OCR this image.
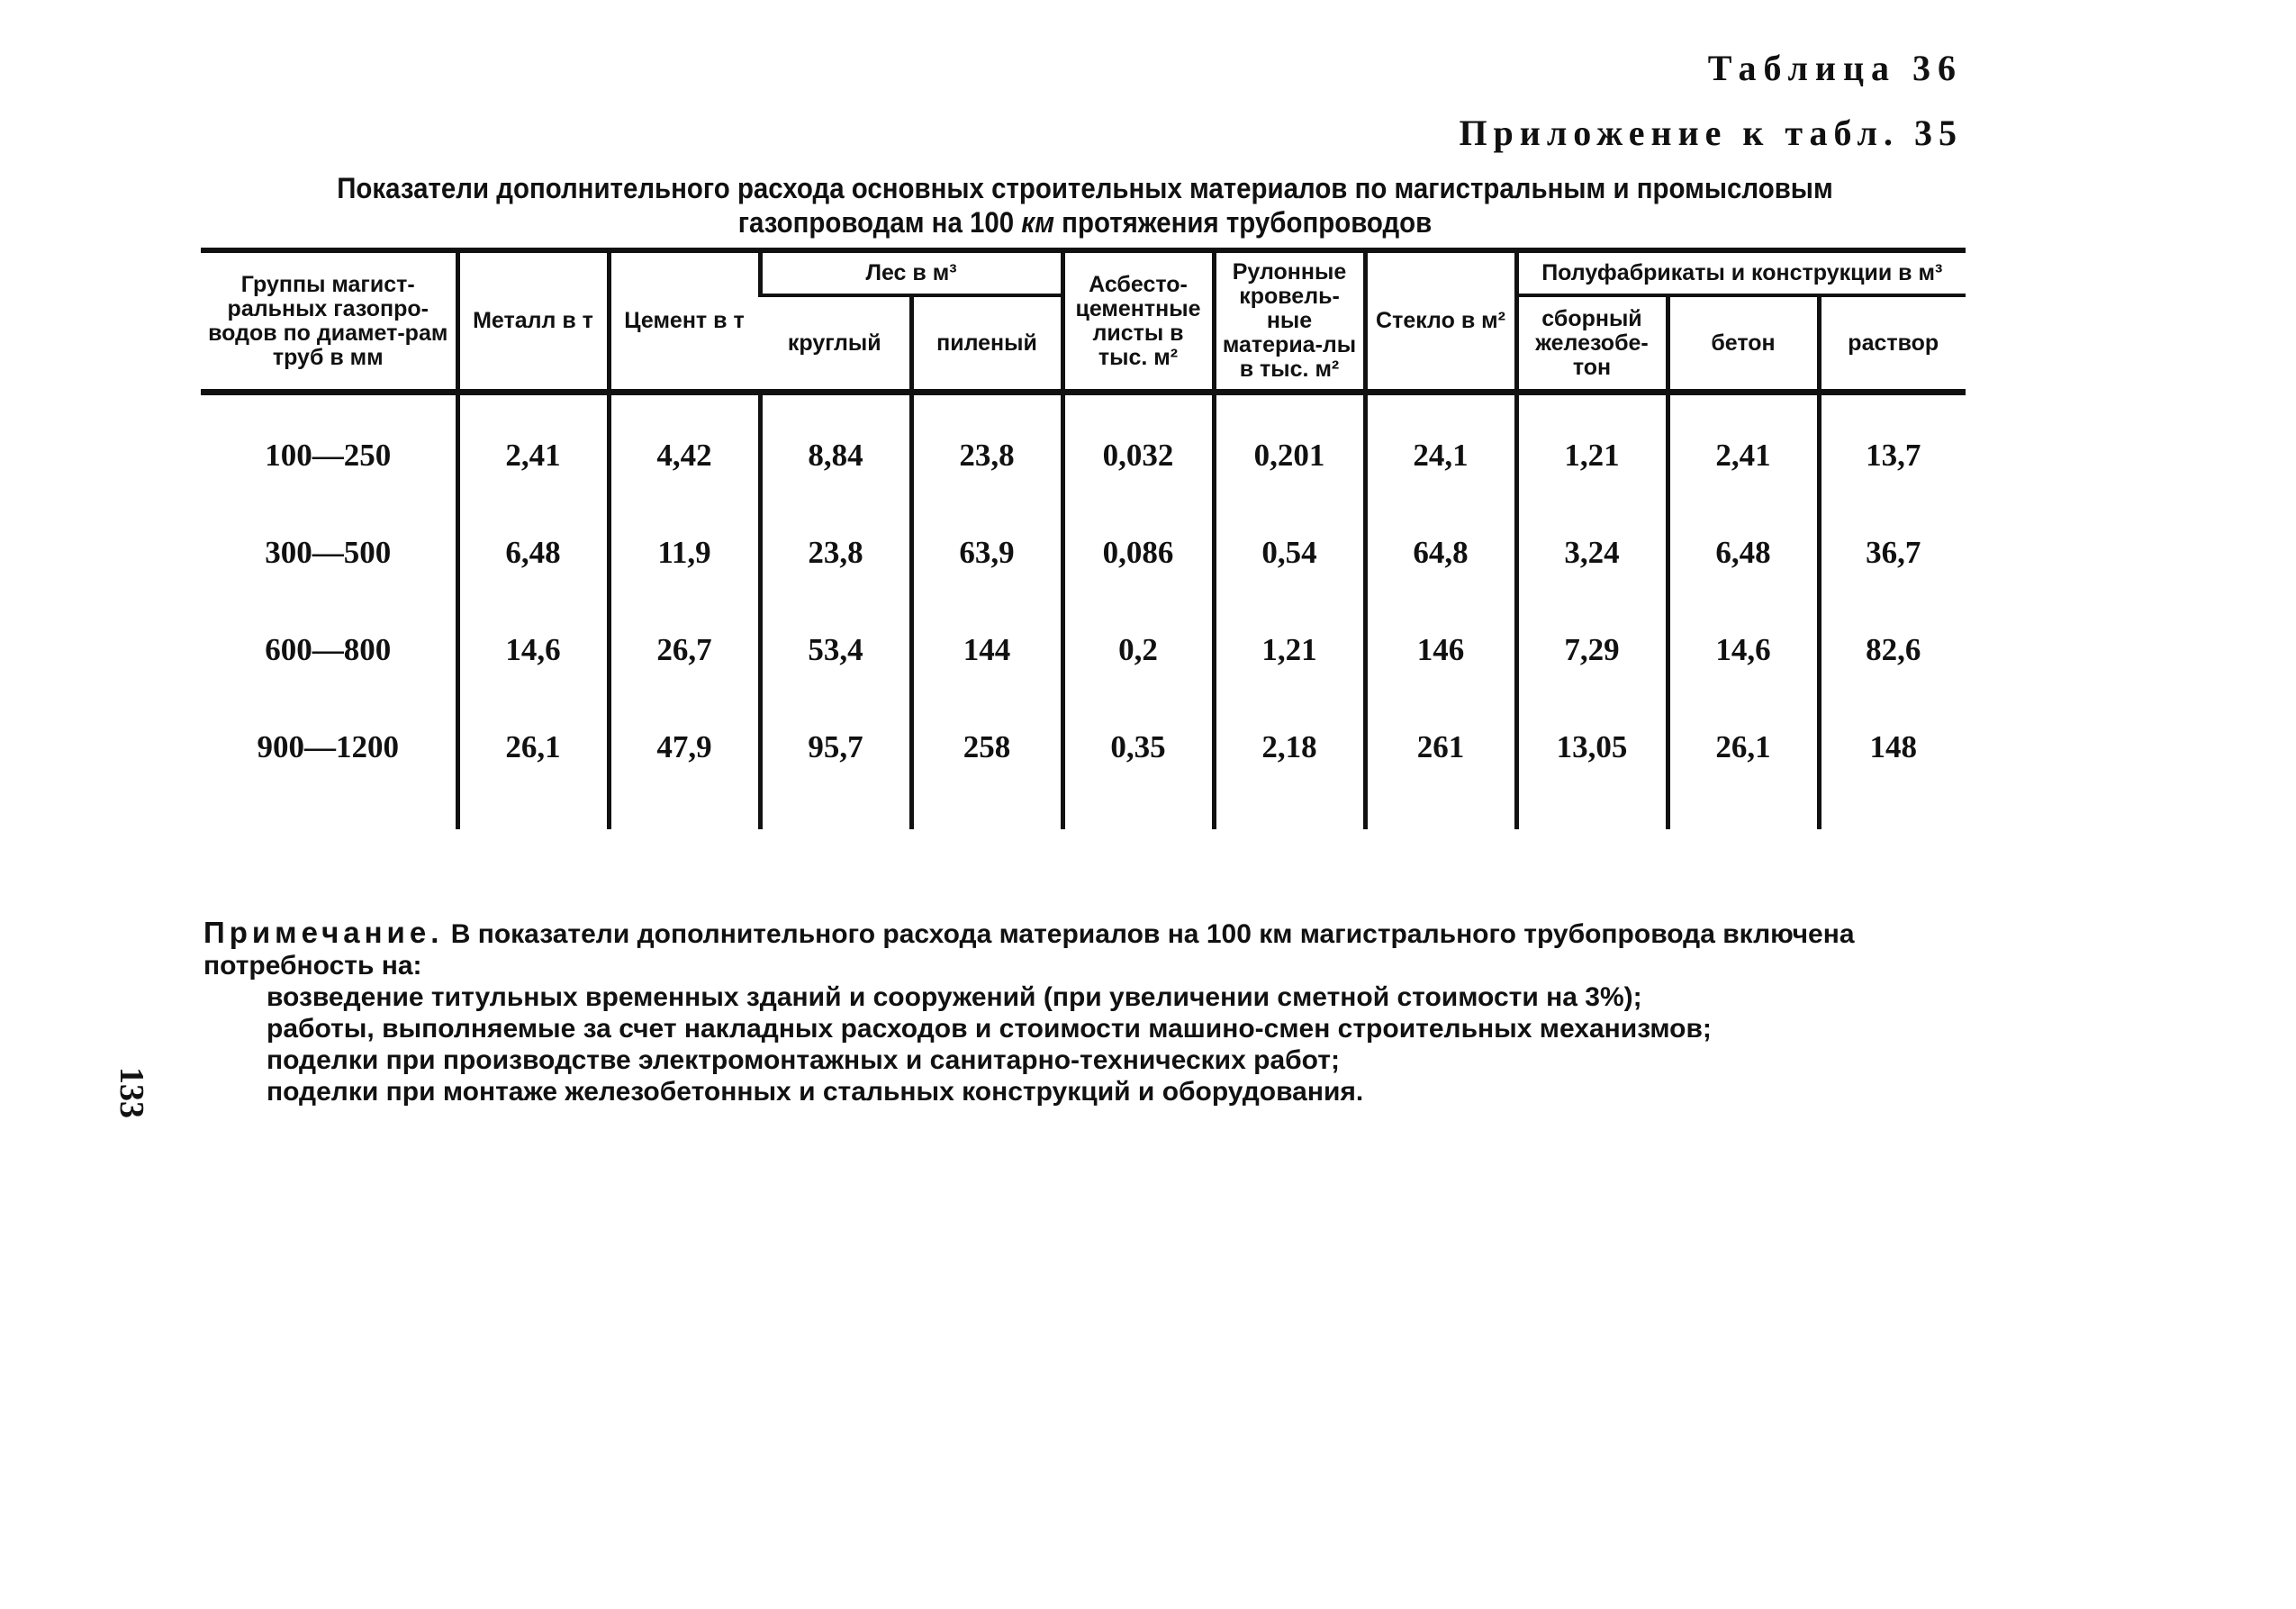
Таблица 36
Приложение к табл. 35
Показатели дополнительного расхода основных строительных материалов по магистральным и промысловым
газопроводам на 100 км протяжения трубопроводов
Группы магист-ральных газопро-водов по диамет-рам труб в мм	Металл в т	Цемент в т	Лес в м³		Асбесто-цементные листы в тыс. м²	Рулонные кровель-ные материа-лы в тыс. м²	Стекло в м²	Полуфабрикаты и конструкции в м³		
			круглый	пиленый				сборный железобе-тон	бетон	раствор
100—250	2,41	4,42	8,84	23,8	0,032	0,201	24,1	1,21	2,41	13,7
300—500	6,48	11,9	23,8	63,9	0,086	0,54	64,8	3,24	6,48	36,7
600—800	14,6	26,7	53,4	144	0,2	1,21	146	7,29	14,6	82,6
900—1200	26,1	47,9	95,7	258	0,35	2,18	261	13,05	26,1	148
Примечание. В показатели дополнительного расхода материалов на 100 км магистрального трубопровода включена потребность на:
возведение титульных временных зданий и сооружений (при увеличении сметной стоимости на 3%);
работы, выполняемые за счет накладных расходов и стоимости машино-смен строительных механизмов;
поделки при производстве электромонтажных и санитарно-технических работ;
поделки при монтаже железобетонных и стальных конструкций и оборудования.
133
